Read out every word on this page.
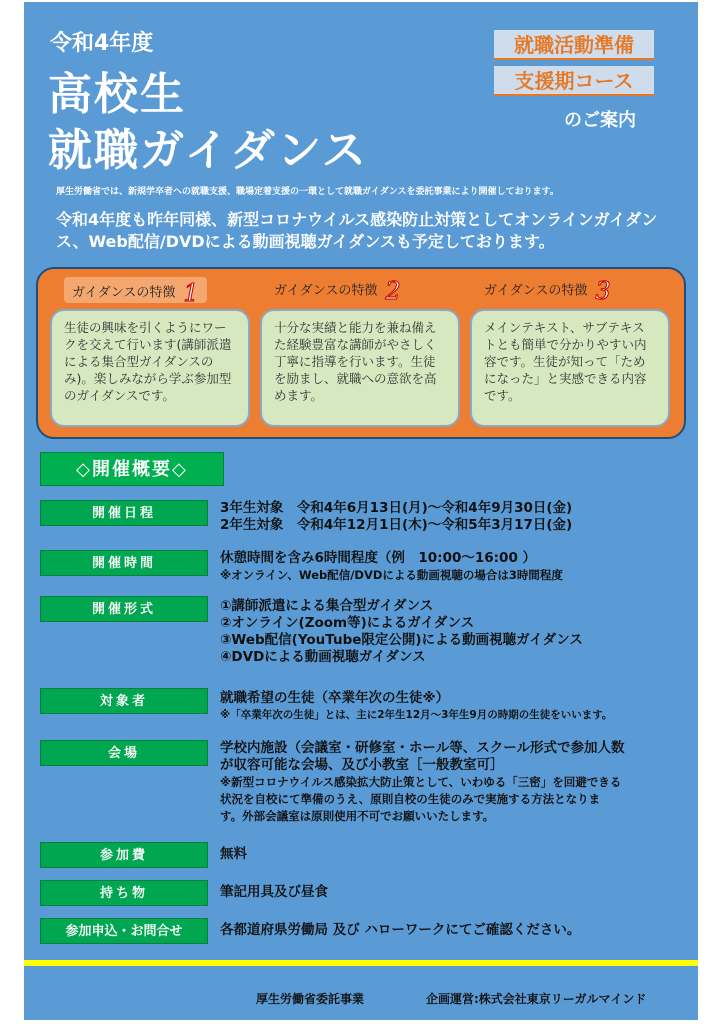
令和4年度
高校生
就職ガイダンス
就職活動準備
支援期コース
のご案内
厚生労働省では、新規学卒者への就職支援、職場定着支援の一環として就職ガイダンスを委託事業により開催しております。
令和4年度も昨年同様、新型コロナウイルス感染防止対策としてオンラインガイダンス、Web配信/DVDによる動画視聴ガイダンスも予定しております。
ガイダンスの特徴 1	ガイダンスの特徴 2	ガイダンスの特徴 3
生徒の興味を引くようにワークを交えて行います(講師派遣による集合型ガイダンスのみ)。楽しみながら学ぶ参加型のガイダンスです。
十分な実績と能力を兼ね備えた経験豊富な講師がやさしく丁寧に指導を行います。生徒を励まし、就職への意欲を高めます。
メインテキスト、サブテキストとも簡単で分かりやすい内容です。生徒が知って「ためになった」と実感できる内容です。
◇開催概要◇
開催日程	3年生対象　令和4年6月13日(月)～令和4年9月30日(金)
2年生対象　令和4年12月1日(木)～令和5年3月17日(金)
開催時間	休憩時間を含み6時間程度（例　10:00～16:00 ）
※オンライン、Web配信/DVDによる動画視聴の場合は3時間程度
開催形式	①講師派遣による集合型ガイダンス
②オンライン(Zoom等)によるガイダンス
③Web配信(YouTube限定公開)による動画視聴ガイダンス
④DVDによる動画視聴ガイダンス
対象者	就職希望の生徒（卒業年次の生徒※）
※「卒業年次の生徒」とは、主に2年生12月～3年生9月の時期の生徒をいいます。
会場	学校内施設（会議室・研修室・ホール等、スクール形式で参加人数
が収容可能な会場、及び小教室［一般教室可］
※新型コロナウイルス感染拡大防止策として、いわゆる「三密」を回避できる
状況を自校にて準備のうえ、原則自校の生徒のみで実施する方法となりま
す。外部会議室は原則使用不可でお願いいたします。
参加費	無料
持ち物	筆記用具及び昼食
参加申込・お問合せ	各都道府県労働局 及び ハローワークにてご確認ください。
厚生労働省委託事業	企画運営:株式会社東京リーガルマインド
